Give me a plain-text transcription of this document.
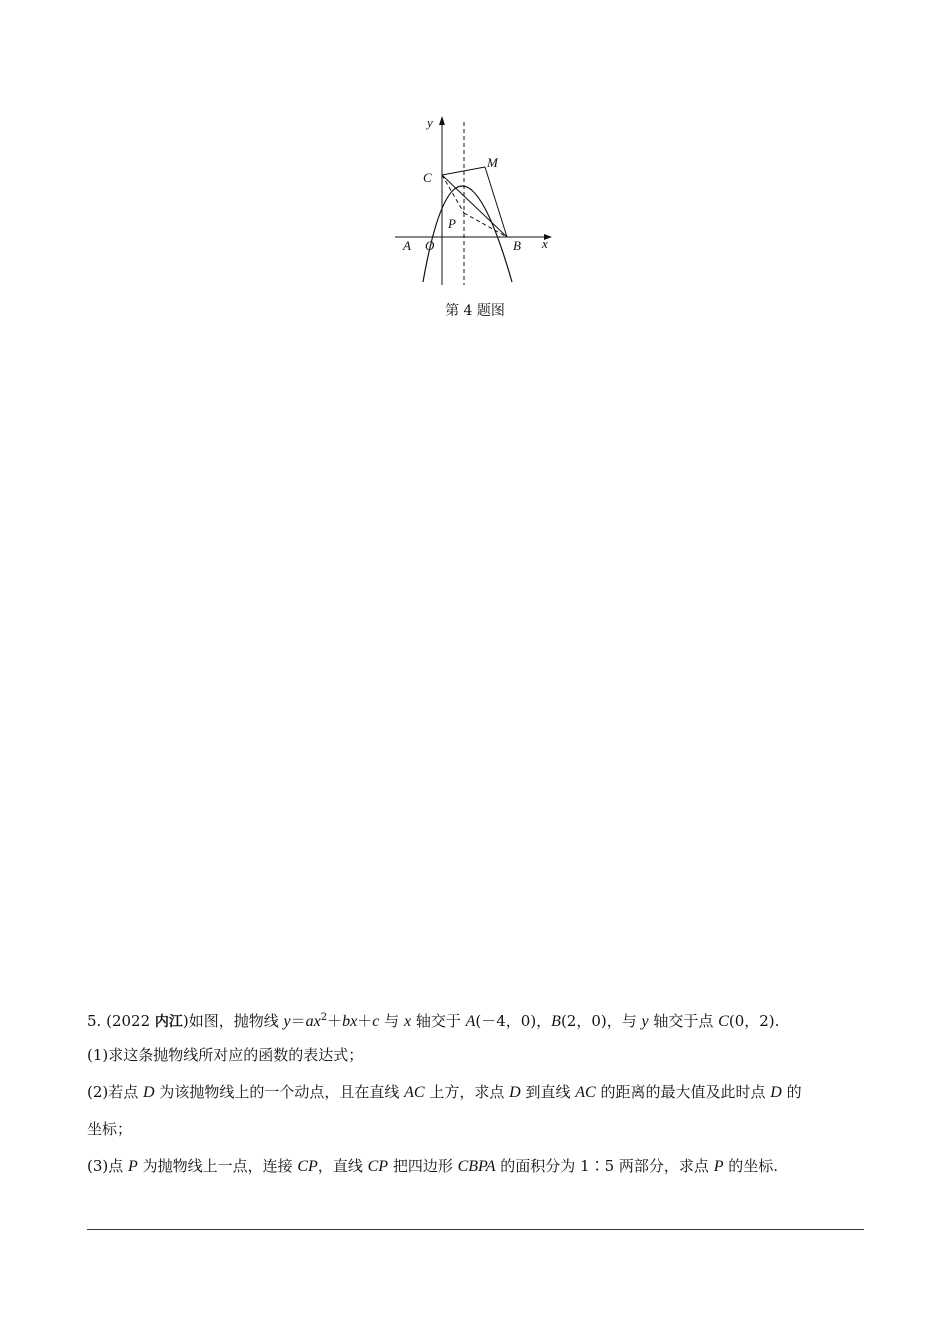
y
x
C
M
P
A O	B
第 4 题图
5. (2022 内江)如图，抛物线 $y=ax^2+bx+c$ 与 x 轴交于 A(－4，0)，B(2，0)，与 y 轴交于点 C(0，2).
(1)求这条抛物线所对应的函数的表达式；
(2)若点 D 为该抛物线上的一个动点，且在直线 AC 上方，求点 D 到直线 AC 的距离的最大值及此时点 D 的
坐标；
(3)点 P 为抛物线上一点，连接 CP，直线 CP 把四边形 CBPA 的面积分为 1∶5 两部分，求点 P 的坐标.
